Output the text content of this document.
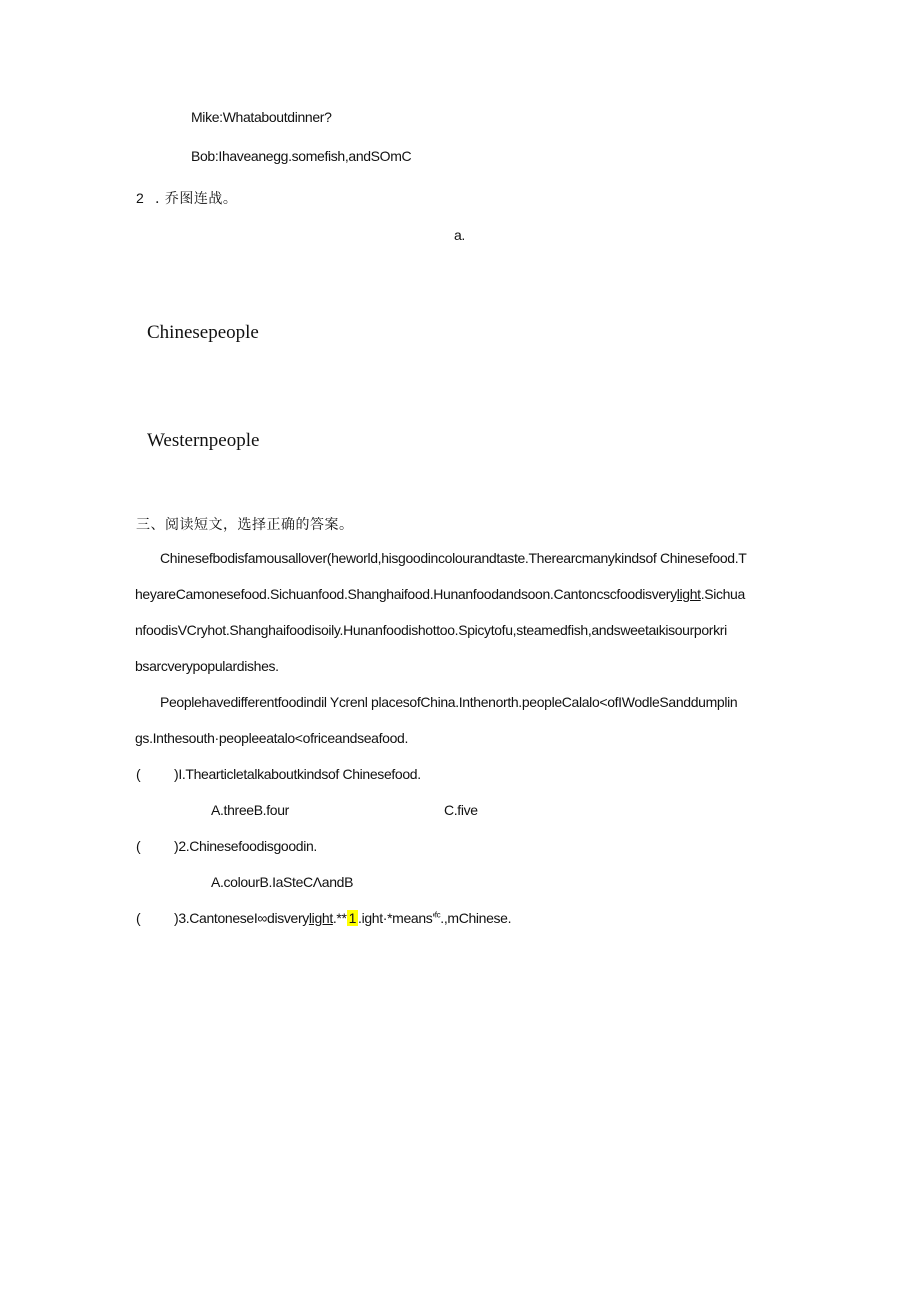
Mike:Whataboutdinner?
Bob:Ihaveanegg.somefish,andSOmC
2 . 乔图连战。
a.
Chinesepeople
Westernpeople
三、阅读短文，选择正确的答案。
Chinesefbodisfamousallover(heworld,hisgoodincolourandtaste.Therearcmanykindsof Chinesefood.T
heyareCamonesefood.Sichuanfood.Shanghaifood.Hunanfoodandsoon.Cantoncscfoodisverylight.Sichua
nfoodisVCryhot.Shanghaifoodisoily.Hunanfoodishottoo.Spicytofu,steamedfish,andsweetaιkisourporkri
bsarcverypopulardishes.
Peoplehavedifferentfoodindil Ycrenl placesofChina.Inthenorth.peopleCalalo<ofIWodleSanddumplin
gs.Inthesouth·peopleeatalo<ofriceandseafood.
( )I.Thearticletalkaboutkindsof Chinesefood.
A.threeB.four	C.five
( )2.Chinesefoodisgoodin.
A.colourB.IaSteCΛandB
( )3.CantoneseI∞disverylight.** 1 $.ight\cdot*means'^{fc}.,mChinese$.
